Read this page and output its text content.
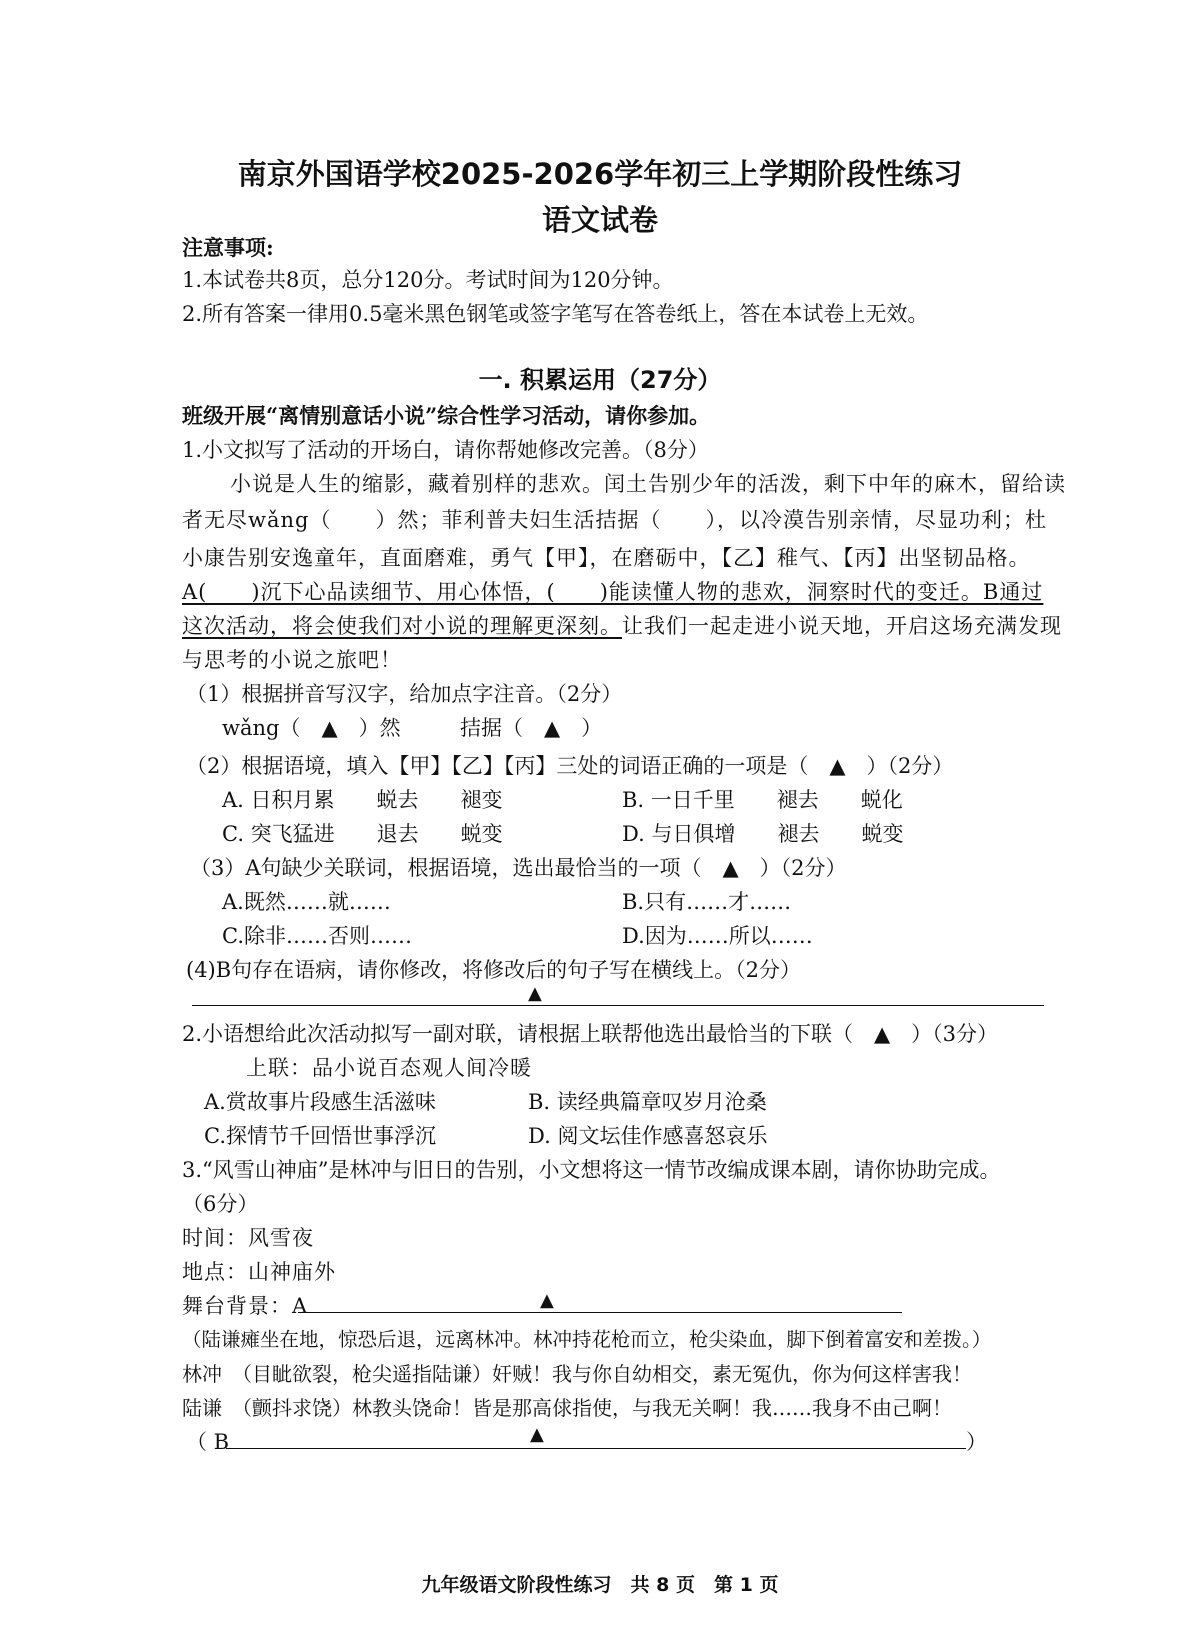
南京外国语学校2025-2026学年初三上学期阶段性练习
语文试卷
注意事项:
1.本试卷共8页，总分120分。考试时间为120分钟。
2.所有答案一律用0.5毫米黑色钢笔或签字笔写在答卷纸上，答在本试卷上无效。
一. 积累运用（27分）
班级开展“离情别意话小说”综合性学习活动，请你参加。
1.小文拟写了活动的开场白，请你帮她修改完善。（8分）
小说是人生的缩影，藏着别样的悲欢。闰土告别少年的活泼，剩下中年的麻木，留给读
者无尽wǎng（　　）然；菲利普夫妇生活拮据（　　），以冷漠告别亲情，尽显功利；杜
小康告别安逸童年，直面磨难，勇气【甲】，在磨砺中，【乙】稚气、【丙】出坚韧品格。
A(　　)沉下心品读细节、用心体悟，(　　)能读懂人物的悲欢，洞察时代的变迁。B通过
这次活动，将会使我们对小说的理解更深刻。让我们一起走进小说天地，开启这场充满发现
与思考的小说之旅吧！
（1）根据拼音写汉字，给加点字注音。（2分）
wǎng（　▲　）然	拮据（　▲　）
（2）根据语境，填入【甲】【乙】【丙】三处的词语正确的一项是（　▲　）（2分）
A. 日积月累　　蜕去　　褪变	B. 一日千里　　褪去　　蜕化
C. 突飞猛进　　退去　　蜕变	D. 与日俱增　　褪去　　蜕变
（3）A句缺少关联词，根据语境，选出最恰当的一项（　▲　）（2分）
A.既然……就……	B.只有……才……
C.除非……否则……	D.因为……所以……
(4)B句存在语病，请你修改，将修改后的句子写在横线上。（2分）
▲
2.小语想给此次活动拟写一副对联，请根据上联帮他选出最恰当的下联（　▲　）（3分）
上联：品小说百态观人间冷暖
A.赏故事片段感生活滋味	B. 读经典篇章叹岁月沧桑
C.探情节千回悟世事浮沉	D. 阅文坛佳作感喜怒哀乐
3.“风雪山神庙”是林冲与旧日的告别，小文想将这一情节改编成课本剧，请你协助完成。
（6分）
时间：风雪夜
地点：山神庙外
舞台背景：A	▲
（陆谦瘫坐在地，惊恐后退，远离林冲。林冲持花枪而立，枪尖染血，脚下倒着富安和差拨。）
林冲　（目眦欲裂，枪尖遥指陆谦）奸贼！我与你自幼相交，素无冤仇，你为何这样害我！
陆谦　（颤抖求饶）林教头饶命！皆是那高俅指使，与我无关啊！我……我身不由己啊！
（ B	▲	）
九年级语文阶段性练习　共 8 页　第 1 页
